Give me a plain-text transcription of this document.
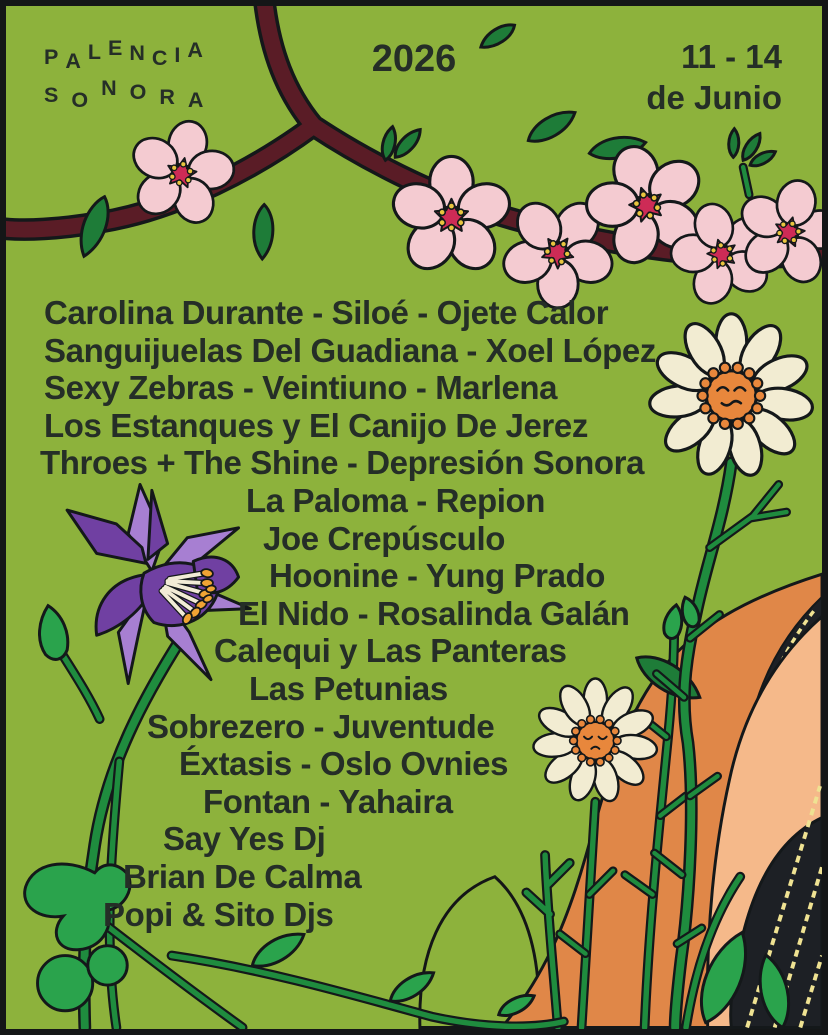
P A L E N C I A
S O N O R A
2026	11 - 14
de Junio
Carolina Durante - Siloé - Ojete Calor
Sanguijuelas Del Guadiana - Xoel López
Sexy Zebras - Veintiuno - Marlena
Los Estanques y El Canijo De Jerez
Throes + The Shine - Depresión Sonora
La Paloma - Repion
Joe Crepúsculo
Hoonine - Yung Prado
El Nido - Rosalinda Galán
Calequi y Las Panteras
Las Petunias
Sobrezero - Juventude
Éxtasis - Oslo Ovnies
Fontan - Yahaira
Say Yes Dj
Brian De Calma
Popi & Sito Djs
